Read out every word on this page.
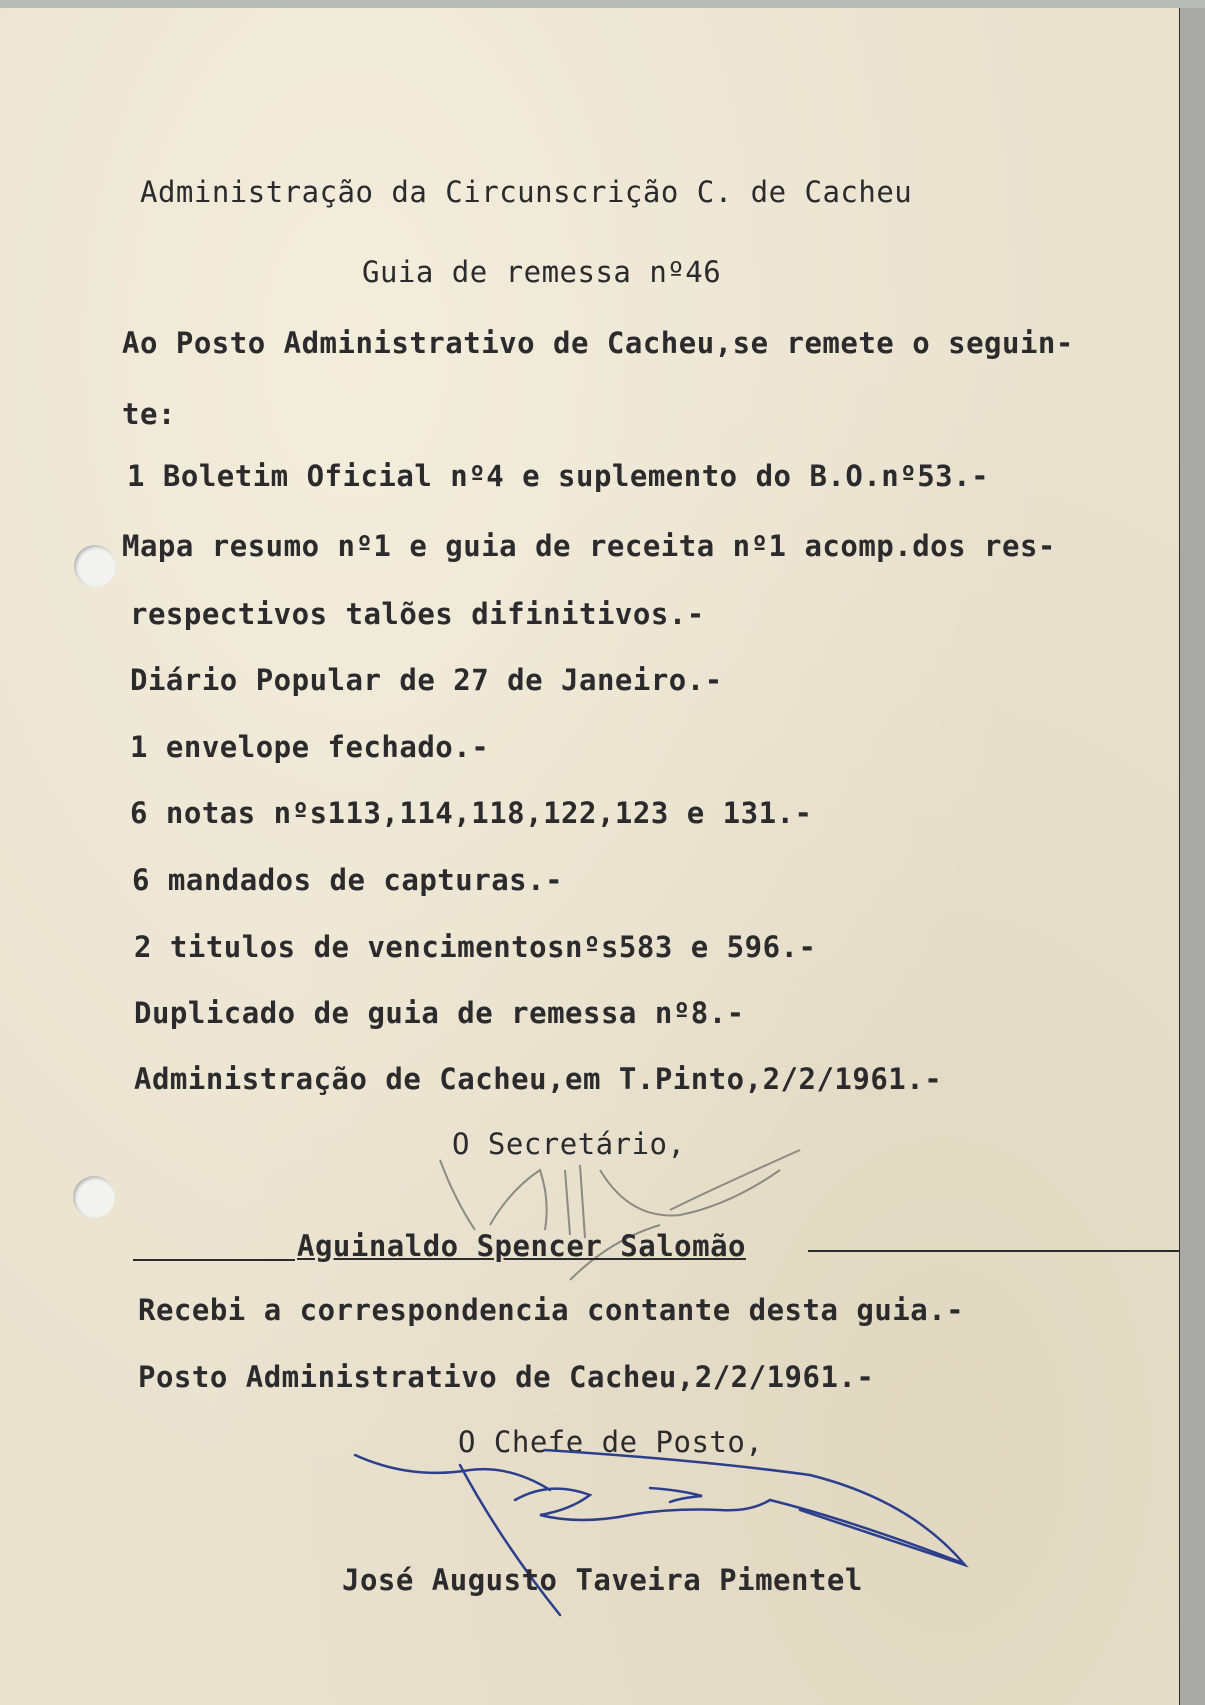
Administração da Circunscrição C. de Cacheu

Guia de remessa nº46

Ao Posto Administrativo de Cacheu,se remete o seguin-

te:

1 Boletim Oficial nº4 e suplemento do B.O.nº53.-

Mapa resumo nº1 e guia de receita nº1 acomp.dos res-

respectivos talões difinitivos.-

Diário Popular de 27 de Janeiro.-

1 envelope fechado.-

6 notas nºs113,114,118,122,123 e 131.-

6 mandados de capturas.-

2 titulos de vencimentosnºs583 e 596.-

Duplicado de guia de remessa nº8.-

Administração de Cacheu,em T.Pinto,2/2/1961.-

O Secretário,

Aguinaldo Spencer Salomão

Recebi a correspondencia contante desta guia.-

Posto Administrativo de Cacheu,2/2/1961.-

O Chefe de Posto,

José Augusto Taveira Pimentel
